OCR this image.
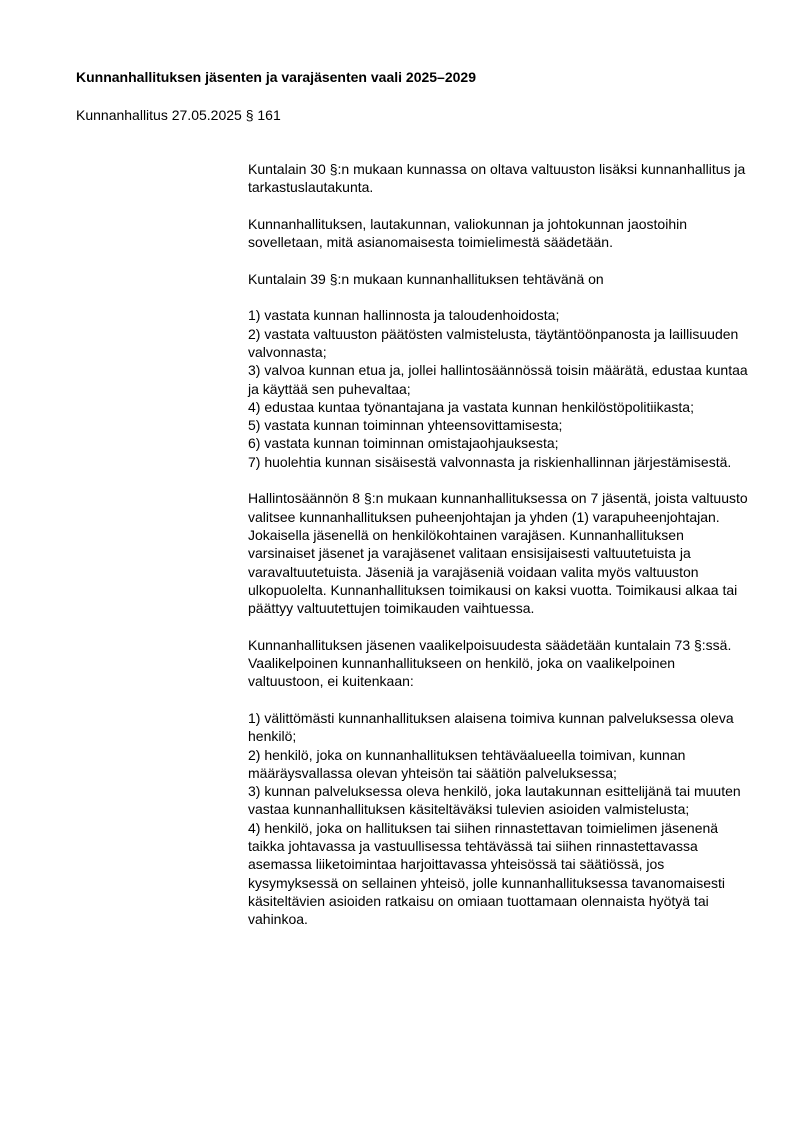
Kunnanhallituksen jäsenten ja varajäsenten vaali 2025–2029
Kunnanhallitus 27.05.2025 § 161

Kuntalain 30 §:n mukaan kunnassa on oltava valtuuston lisäksi kunnanhallitus ja tarkastuslautakunta.

Kunnanhallituksen, lautakunnan, valiokunnan ja johtokunnan jaostoihin sovelletaan, mitä asianomaisesta toimielimestä säädetään.

Kuntalain 39 §:n mukaan kunnanhallituksen tehtävänä on

1) vastata kunnan hallinnosta ja taloudenhoidosta;

2) vastata valtuuston päätösten valmistelusta, täytäntöönpanosta ja laillisuuden valvonnasta;

3) valvoa kunnan etua ja, jollei hallintosäännössä toisin määrätä, edustaa kuntaa ja käyttää sen puhevaltaa;

4) edustaa kuntaa työnantajana ja vastata kunnan henkilöstöpolitiikasta;

5) vastata kunnan toiminnan yhteensovittamisesta;

6) vastata kunnan toiminnan omistajaohjauksesta;

7) huolehtia kunnan sisäisestä valvonnasta ja riskienhallinnan järjestämisestä.

Hallintosäännön 8 §:n mukaan kunnanhallituksessa on 7 jäsentä, joista valtuusto valitsee kunnanhallituksen puheenjohtajan ja yhden (1) varapuheenjohtajan. Jokaisella jäsenellä on henkilökohtainen varajäsen. Kunnanhallituksen varsinaiset jäsenet ja varajäsenet valitaan ensisijaisesti valtuutetuista ja varavaltuutetuista. Jäseniä ja varajäseniä voidaan valita myös valtuuston ulkopuolelta. Kunnanhallituksen toimikausi on kaksi vuotta. Toimikausi alkaa tai päättyy valtuutettujen toimikauden vaihtuessa.

Kunnanhallituksen jäsenen vaalikelpoisuudesta säädetään kuntalain 73 §:ssä. Vaalikelpoinen kunnanhallitukseen on henkilö, joka on vaalikelpoinen valtuustoon, ei kuitenkaan:

1) välittömästi kunnanhallituksen alaisena toimiva kunnan palveluksessa oleva henkilö;

2) henkilö, joka on kunnanhallituksen tehtäväalueella toimivan, kunnan määräysvallassa olevan yhteisön tai säätiön palveluksessa;

3) kunnan palveluksessa oleva henkilö, joka lautakunnan esittelijänä tai muuten vastaa kunnanhallituksen käsiteltäväksi tulevien asioiden valmistelusta;

4) henkilö, joka on hallituksen tai siihen rinnastettavan toimielimen jäsenenä taikka johtavassa ja vastuullisessa tehtävässä tai siihen rinnastettavassa asemassa liiketoimintaa harjoittavassa yhteisössä tai säätiössä, jos kysymyksessä on sellainen yhteisö, jolle kunnanhallituksessa tavanomaisesti käsiteltävien asioiden ratkaisu on omiaan tuottamaan olennaista hyötyä tai vahinkoa.
